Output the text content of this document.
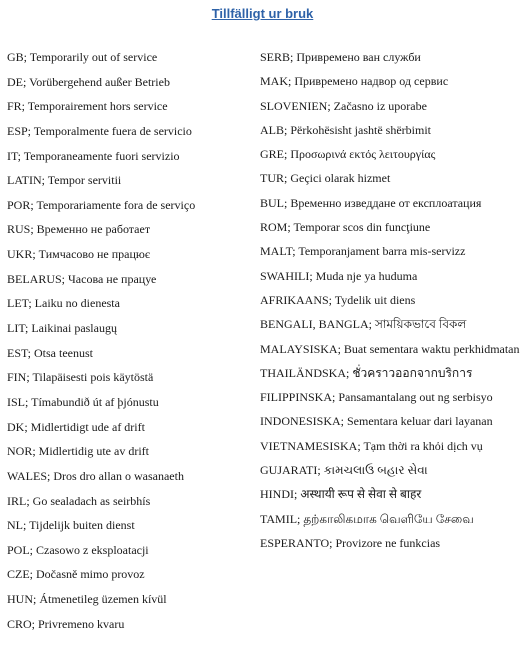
Tillfälligt ur bruk
GB; Temporarily out of service
DE; Vorübergehend außer Betrieb
FR; Temporairement hors service
ESP; Temporalmente fuera de servicio
IT; Temporaneamente fuori servizio
LATIN; Tempor servitii
POR; Temporariamente fora de serviço
RUS; Временно не работает
UKR; Тимчасово не працює
BELARUS; Часова не працуе
LET; Laiku no dienesta
LIT; Laikinai paslaugų
EST; Otsa teenust
FIN; Tilapäisesti pois käytöstä
ISL; Tímabundið út af þjónustu
DK; Midlertidigt ude af drift
NOR; Midlertidig ute av drift
WALES; Dros dro allan o wasanaeth
IRL; Go sealadach as seirbhís
NL; Tijdelijk buiten dienst
POL; Czasowo z eksploatacji
CZE; Dočasně mimo provoz
HUN; Átmenetileg üzemen kívül
CRO; Privremeno kvaru
SERB; Привремено ван служби
MAK; Привремено надвор од сервис
SLOVENIEN; Začasno iz uporabe
ALB; Përkohësisht jashtë shërbimit
GRE; Προσωρινά εκτός λειτουργίας
TUR; Geçici olarak hizmet
BUL; Временно изведдане от експлоатация
ROM; Temporar scos din funcţiune
MALT; Temporanjament barra mis-servizz
SWAHILI; Muda nje ya huduma
AFRIKAANS; Tydelik uit diens
BENGALI, BANGLA; সাময়িকভাবে বিকল
MALAYSISKA; Buat sementara waktu perkhidmatan
THAILÄNDSKA; ชั่วคราวออกจากบริการ
FILIPPINSKA; Pansamantalang out ng serbisyo
INDONESISKA; Sementara keluar dari layanan
VIETNAMESISKA; Tạm thời ra khỏi dịch vụ
GUJARATI; કામચલાઉ બહાર સેવા
HINDI; अस्थायी रूप से सेवा से बाहर
TAMIL; தற்காலிகமாக வெளியே சேவை
ESPERANTO; Provizore ne funkcias
